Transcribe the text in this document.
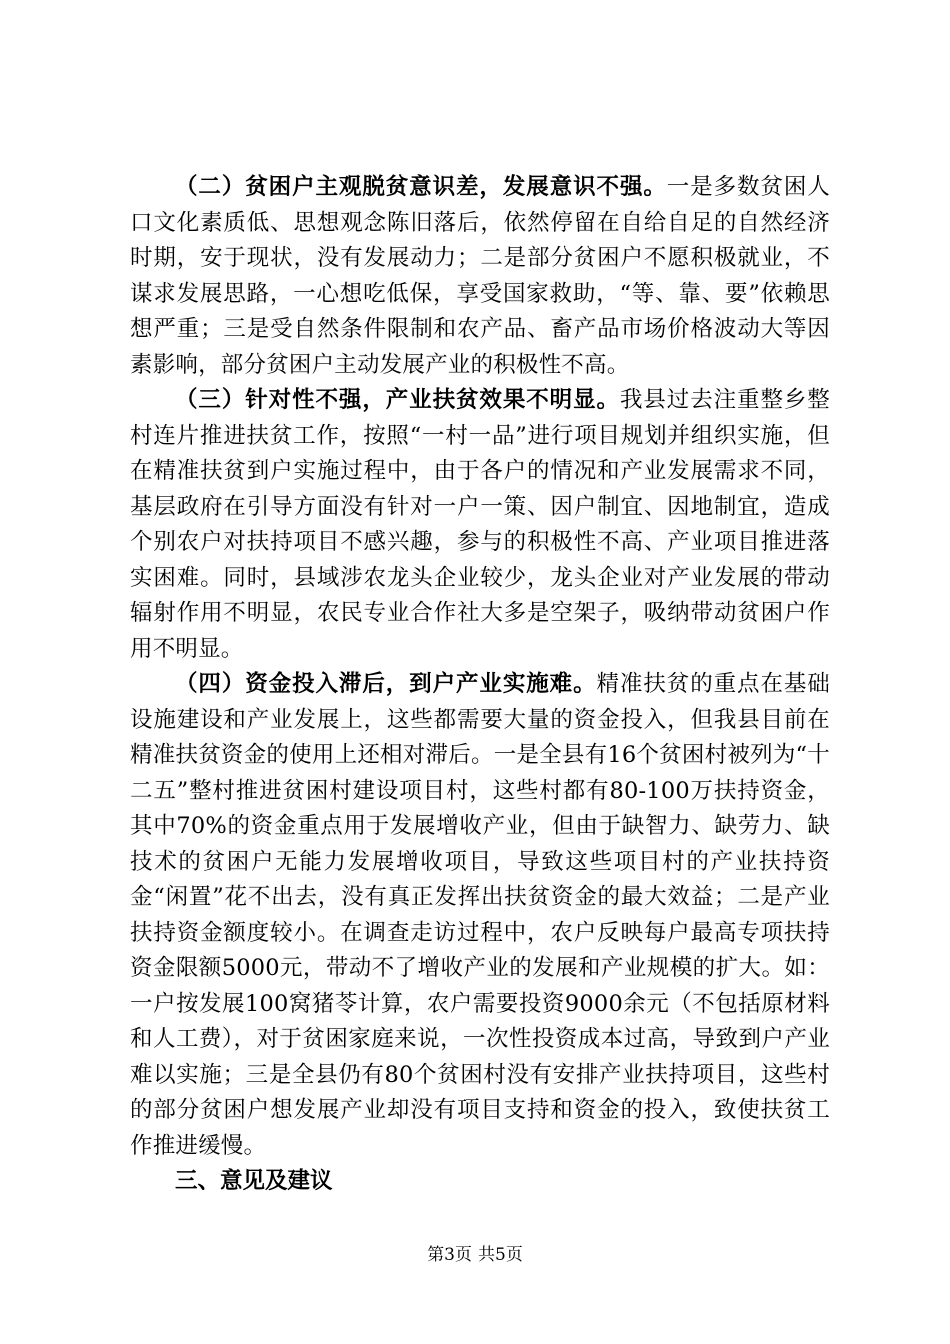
（二）贫困户主观脱贫意识差，发展意识不强。一是多数贫困人口文化素质低、思想观念陈旧落后，依然停留在自给自足的自然经济时期，安于现状，没有发展动力；二是部分贫困户不愿积极就业，不谋求发展思路，一心想吃低保，享受国家救助，“等、靠、要”依赖思想严重；三是受自然条件限制和农产品、畜产品市场价格波动大等因素影响，部分贫困户主动发展产业的积极性不高。

（三）针对性不强，产业扶贫效果不明显。我县过去注重整乡整村连片推进扶贫工作，按照“一村一品”进行项目规划并组织实施，但在精准扶贫到户实施过程中，由于各户的情况和产业发展需求不同，基层政府在引导方面没有针对一户一策、因户制宜、因地制宜，造成个别农户对扶持项目不感兴趣，参与的积极性不高、产业项目推进落实困难。同时，县域涉农龙头企业较少，龙头企业对产业发展的带动辐射作用不明显，农民专业合作社大多是空架子，吸纳带动贫困户作用不明显。

（四）资金投入滞后，到户产业实施难。精准扶贫的重点在基础设施建设和产业发展上，这些都需要大量的资金投入，但我县目前在精准扶贫资金的使用上还相对滞后。一是全县有16个贫困村被列为“十二五”整村推进贫困村建设项目村，这些村都有80-100万扶持资金，其中70%的资金重点用于发展增收产业，但由于缺智力、缺劳力、缺技术的贫困户无能力发展增收项目，导致这些项目村的产业扶持资金“闲置”花不出去，没有真正发挥出扶贫资金的最大效益；二是产业扶持资金额度较小。在调查走访过程中，农户反映每户最高专项扶持资金限额5000元，带动不了增收产业的发展和产业规模的扩大。如：一户按发展100窝猪苓计算，农户需要投资9000余元（不包括原材料和人工费），对于贫困家庭来说，一次性投资成本过高，导致到户产业难以实施；三是全县仍有80个贫困村没有安排产业扶持项目，这些村的部分贫困户想发展产业却没有项目支持和资金的投入，致使扶贫工作推进缓慢。

三、意见及建议

第3页 共5页
